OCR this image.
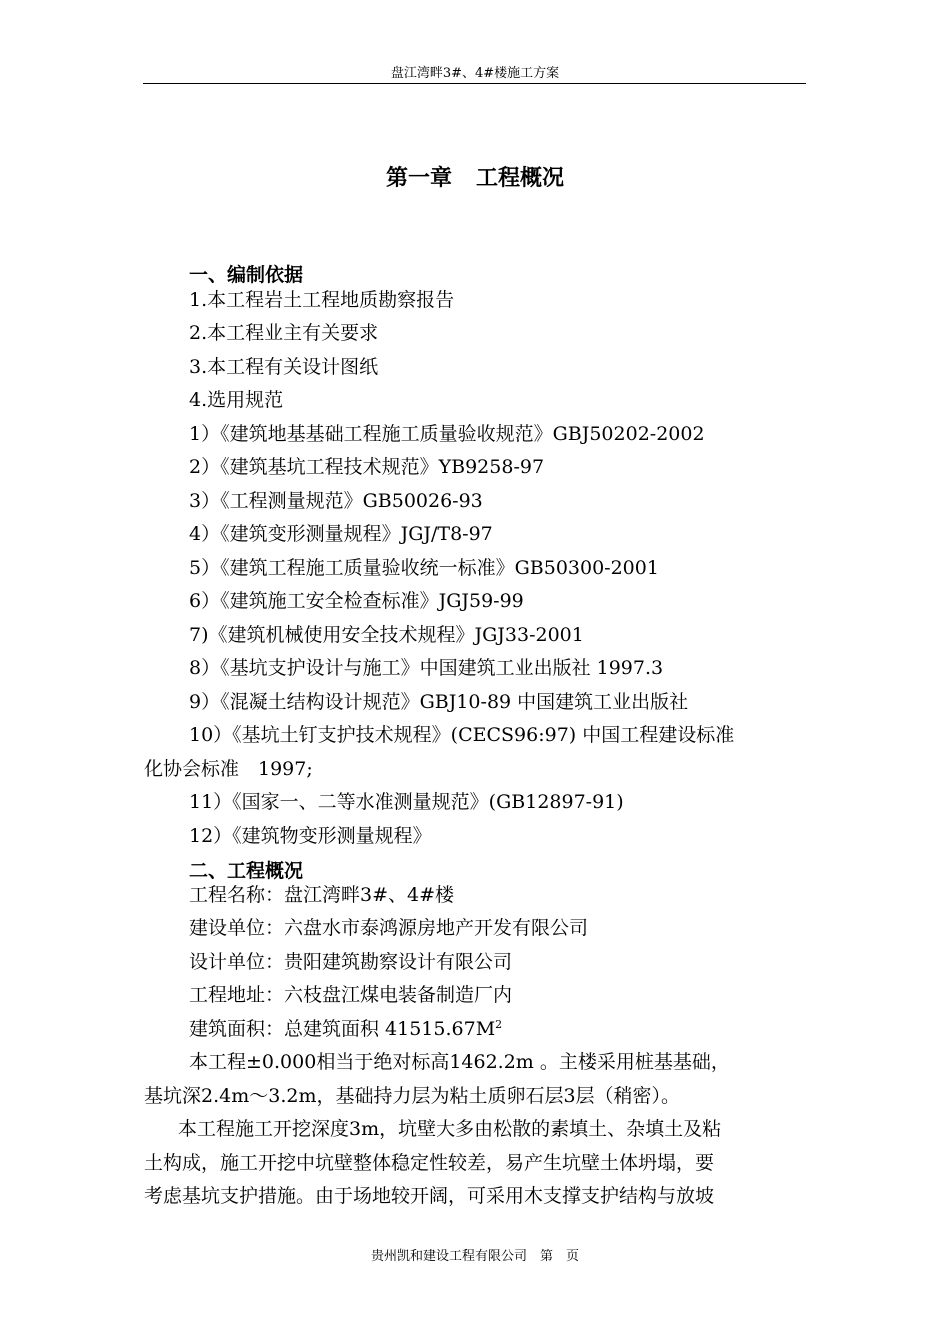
盘江湾畔3#、4#楼施工方案
第一章 工程概况
一、编制依据
1.本工程岩土工程地质勘察报告
2.本工程业主有关要求
3.本工程有关设计图纸
4.选用规范
1）《建筑地基基础工程施工质量验收规范》GBJ50202-2002
2）《建筑基坑工程技术规范》YB9258-97
3）《工程测量规范》GB50026-93
4）《建筑变形测量规程》JGJ/T8-97
5）《建筑工程施工质量验收统一标准》GB50300-2001
6）《建筑施工安全检查标准》JGJ59-99
7)《建筑机械使用安全技术规程》JGJ33-2001
8）《基坑支护设计与施工》中国建筑工业出版社 1997.3
9）《混凝土结构设计规范》GBJ10-89 中国建筑工业出版社
10）《基坑土钉支护技术规程》(CECS96:97) 中国工程建设标准
化协会标准　1997;
11）《国家一、二等水准测量规范》(GB12897-91)
12）《建筑物变形测量规程》
二、工程概况
工程名称：盘江湾畔3#、4#楼
建设单位：六盘水市泰鸿源房地产开发有限公司
设计单位：贵阳建筑勘察设计有限公司
工程地址：六枝盘江煤电装备制造厂内
建筑面积：总建筑面积 $41515.67M^2$
本工程±0.000相当于绝对标高1462.2m 。主楼采用桩基基础，
基坑深2.4m～3.2m，基础持力层为粘土质卵石层3层（稍密）。
本工程施工开挖深度3m，坑壁大多由松散的素填土、杂填土及粘
土构成，施工开挖中坑壁整体稳定性较差，易产生坑壁土体坍塌，要
考虑基坑支护措施。由于场地较开阔，可采用木支撑支护结构与放坡
贵州凯和建设工程有限公司　第　页
